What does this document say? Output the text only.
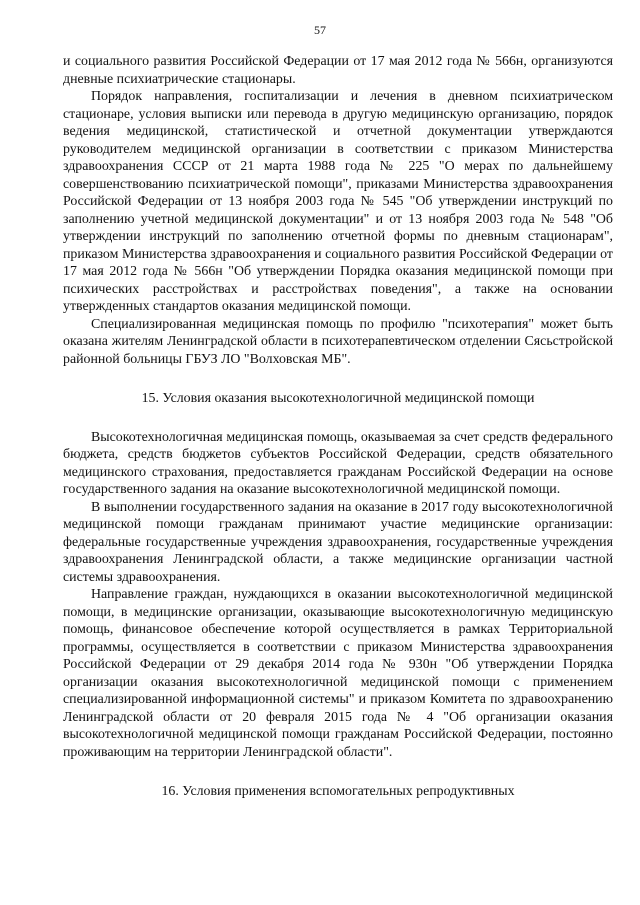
57

и социального развития Российской Федерации от 17 мая 2012 года № 566н, организуются дневные психиатрические стационары.

Порядок направления, госпитализации и лечения в дневном психиатрическом стационаре, условия выписки или перевода в другую медицинскую организацию, порядок ведения медицинской, статистической и отчетной документации утверждаются руководителем медицинской организации в соответствии с приказом Министерства здравоохранения СССР от 21 марта 1988 года № 225 "О мерах по дальнейшему совершенствованию психиатрической помощи", приказами Министерства здравоохранения Российской Федерации от 13 ноября 2003 года № 545 "Об утверждении инструкций по заполнению учетной медицинской документации" и от 13 ноября 2003 года № 548 "Об утверждении инструкций по заполнению отчетной формы по дневным стационарам", приказом Министерства здравоохранения и социального развития Российской Федерации от 17 мая 2012 года № 566н "Об утверждении Порядка оказания медицинской помощи при психических расстройствах и расстройствах поведения", а также на основании утвержденных стандартов оказания медицинской помощи.

Специализированная медицинская помощь по профилю "психотерапия" может быть оказана жителям Ленинградской области в психотерапевтическом отделении Сясьстройской районной больницы ГБУЗ ЛО "Волховская МБ".

15. Условия оказания высокотехнологичной медицинской помощи

Высокотехнологичная медицинская помощь, оказываемая за счет средств федерального бюджета, средств бюджетов субъектов Российской Федерации, средств обязательного медицинского страхования, предоставляется гражданам Российской Федерации на основе государственного задания на оказание высокотехнологичной медицинской помощи.

В выполнении государственного задания на оказание в 2017 году высокотехнологичной медицинской помощи гражданам принимают участие медицинские организации: федеральные государственные учреждения здравоохранения, государственные учреждения здравоохранения Ленинградской области, а также медицинские организации частной системы здравоохранения.

Направление граждан, нуждающихся в оказании высокотехнологичной медицинской помощи, в медицинские организации, оказывающие высокотехнологичную медицинскую помощь, финансовое обеспечение которой осуществляется в рамках Территориальной программы, осуществляется в соответствии с приказом Министерства здравоохранения Российской Федерации от 29 декабря 2014 года № 930н "Об утверждении Порядка организации оказания высокотехнологичной медицинской помощи с применением специализированной информационной системы" и приказом Комитета по здравоохранению Ленинградской области от 20 февраля 2015 года № 4 "Об организации оказания высокотехнологичной медицинской помощи гражданам Российской Федерации, постоянно проживающим на территории Ленинградской области".

16. Условия применения вспомогательных репродуктивных
